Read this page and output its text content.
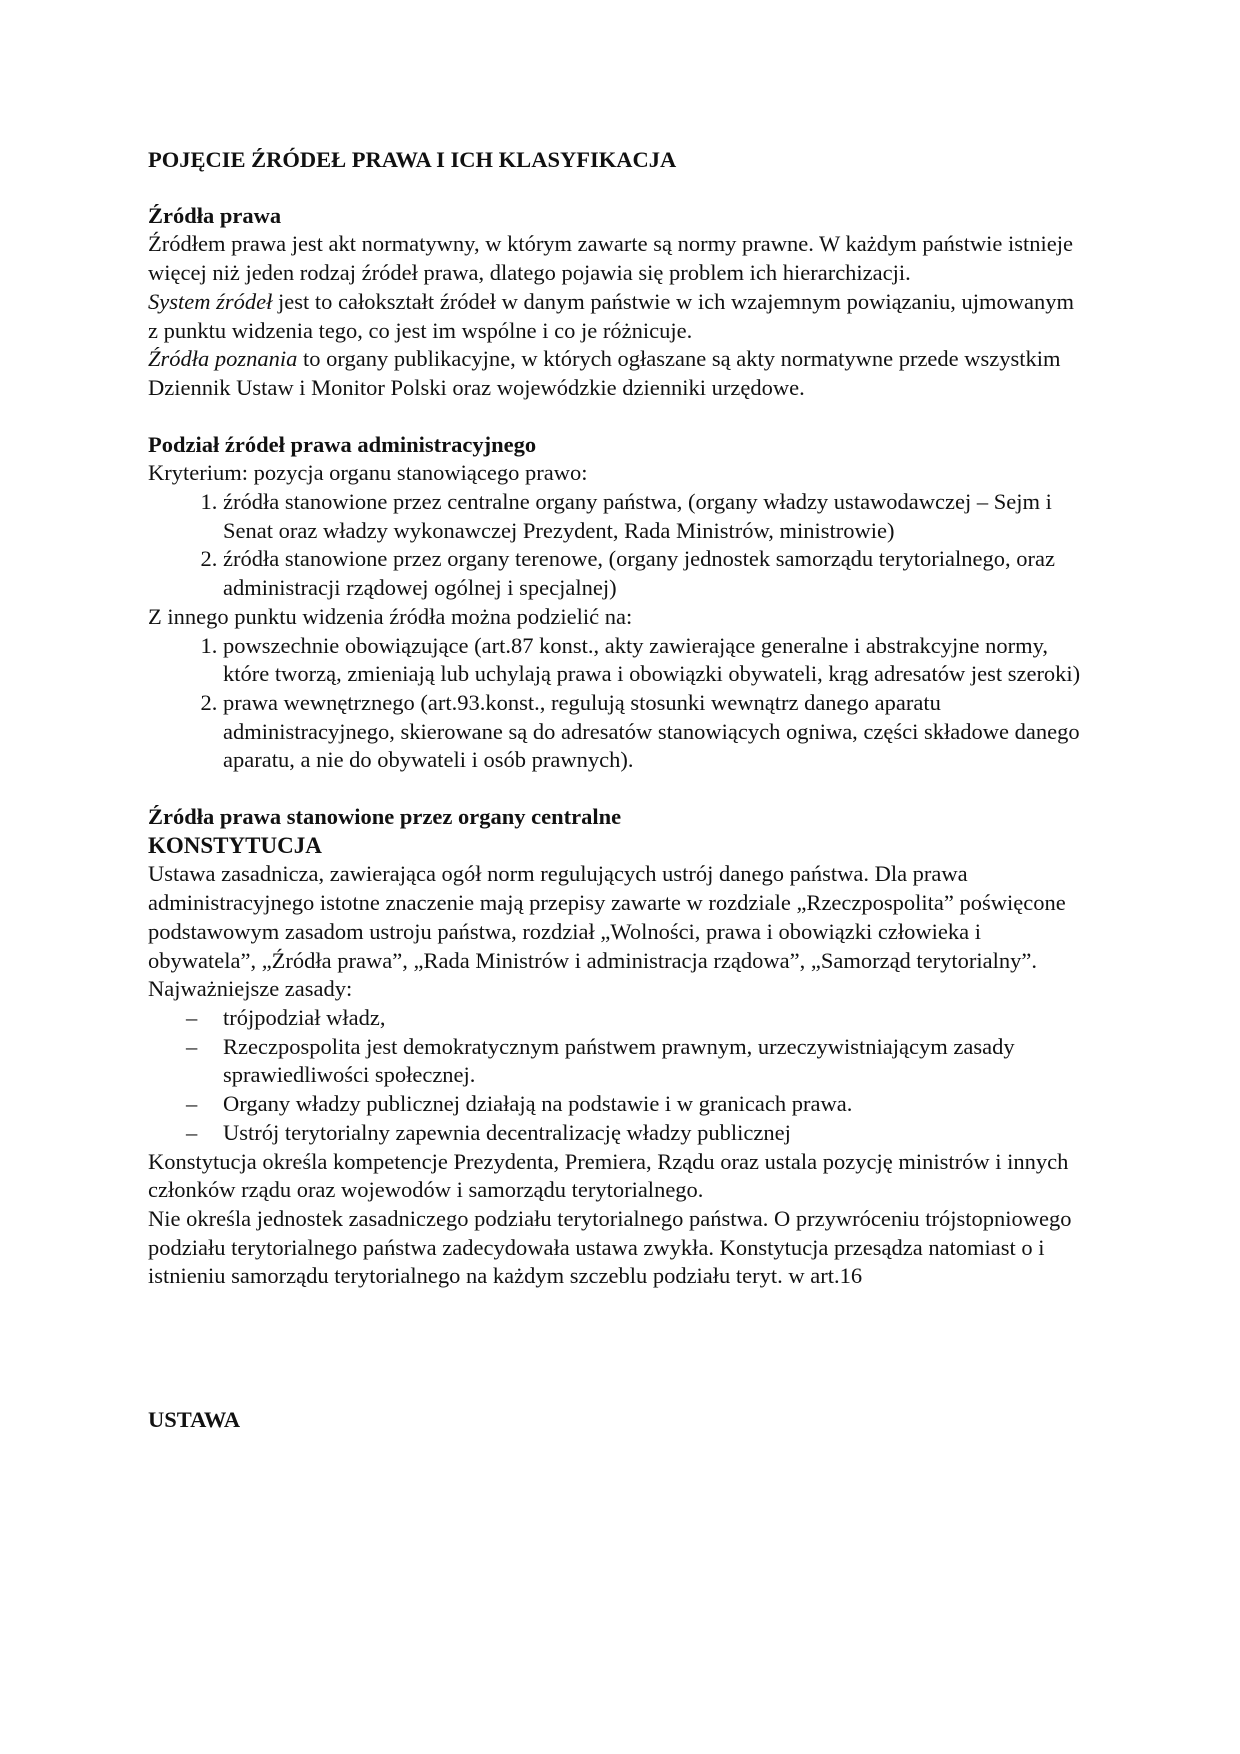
POJĘCIE ŹRÓDEŁ PRAWA I ICH KLASYFIKACJA

Źródła prawa

Źródłem prawa jest akt normatywny, w którym zawarte są normy prawne. W każdym państwie istnieje więcej niż jeden rodzaj źródeł prawa, dlatego pojawia się problem ich hierarchizacji.

System źródeł jest to całokształt źródeł w danym państwie w ich wzajemnym powiązaniu, ujmowanym z punktu widzenia tego, co jest im wspólne i co je różnicuje.

Źródła poznania to organy publikacyjne, w których ogłaszane są akty normatywne przede wszystkim Dziennik Ustaw i Monitor Polski oraz wojewódzkie dzienniki urzędowe.

Podział źródeł prawa administracyjnego

Kryterium: pozycja organu stanowiącego prawo:

1. źródła stanowione przez centralne organy państwa, (organy władzy ustawodawczej – Sejm i Senat oraz władzy wykonawczej Prezydent, Rada Ministrów, ministrowie)
2. źródła stanowione przez organy terenowe, (organy jednostek samorządu terytorialnego, oraz administracji rządowej ogólnej i specjalnej)

Z innego punktu widzenia źródła można podzielić na:

1. powszechnie obowiązujące (art.87 konst., akty zawierające generalne i abstrakcyjne normy, które tworzą, zmieniają lub uchylają prawa i obowiązki obywateli, krąg adresatów jest szeroki)
2. prawa wewnętrznego (art.93.konst., regulują stosunki wewnątrz danego aparatu administracyjnego, skierowane są do adresatów stanowiących ogniwa, części składowe danego aparatu, a nie do obywateli i osób prawnych).

Źródła prawa stanowione przez organy centralne

KONSTYTUCJA

Ustawa zasadnicza, zawierająca ogół norm regulujących ustrój danego państwa. Dla prawa administracyjnego istotne znaczenie mają przepisy zawarte w rozdziale „Rzeczpospolita” poświęcone podstawowym zasadom ustroju państwa, rozdział „Wolności, prawa i obowiązki człowieka i obywatela”, „Źródła prawa”, „Rada Ministrów i administracja rządowa”, „Samorząd terytorialny”.

Najważniejsze zasady:

– trójpodział władz,
– Rzeczpospolita jest demokratycznym państwem prawnym, urzeczywistniającym zasady sprawiedliwości społecznej.
– Organy władzy publicznej działają na podstawie i w granicach prawa.
– Ustrój terytorialny zapewnia decentralizację władzy publicznej

Konstytucja określa kompetencje Prezydenta, Premiera, Rządu oraz ustala pozycję ministrów i innych członków rządu oraz wojewodów i samorządu terytorialnego.

Nie określa jednostek zasadniczego podziału terytorialnego państwa. O przywróceniu trójstopniowego podziału terytorialnego państwa zadecydowała ustawa zwykła. Konstytucja przesądza natomiast o i istnieniu samorządu terytorialnego na każdym szczeblu podziału teryt. w art.16

USTAWA
